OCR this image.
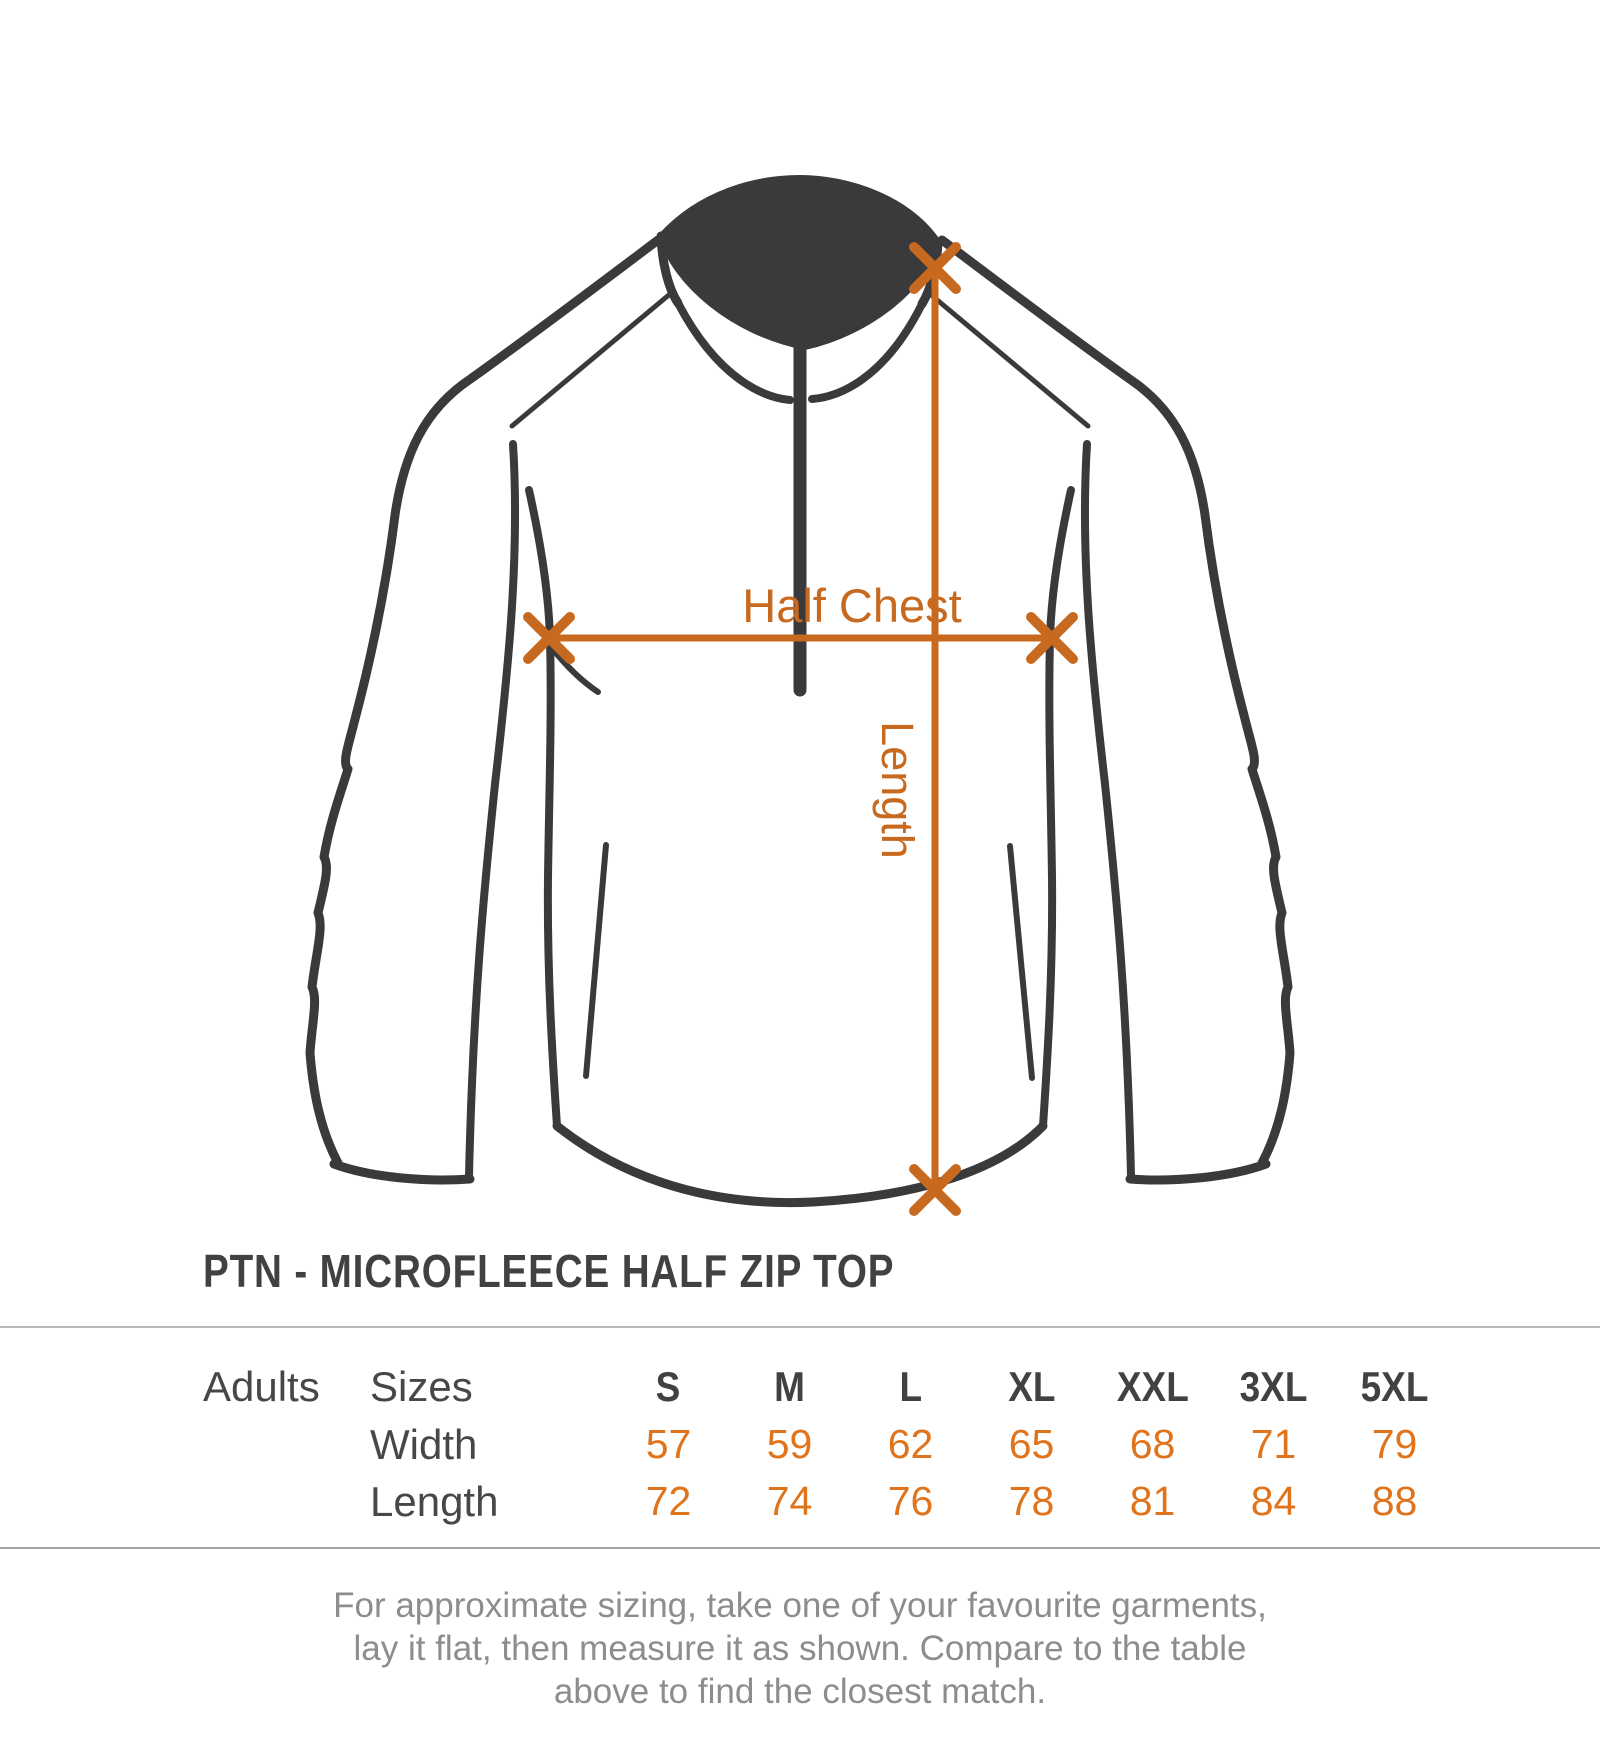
Half Chest
Length
PTN - MICROFLEECE HALF ZIP TOP
Adults	Sizes	S	M	L	XL	XXL	3XL	5XL
Width	57	59	62	65	68	71	79
Length	72	74	76	78	81	84	88
For approximate sizing, take one of your favourite garments,
lay it flat, then measure it as shown. Compare to the table
above to find the closest match.
